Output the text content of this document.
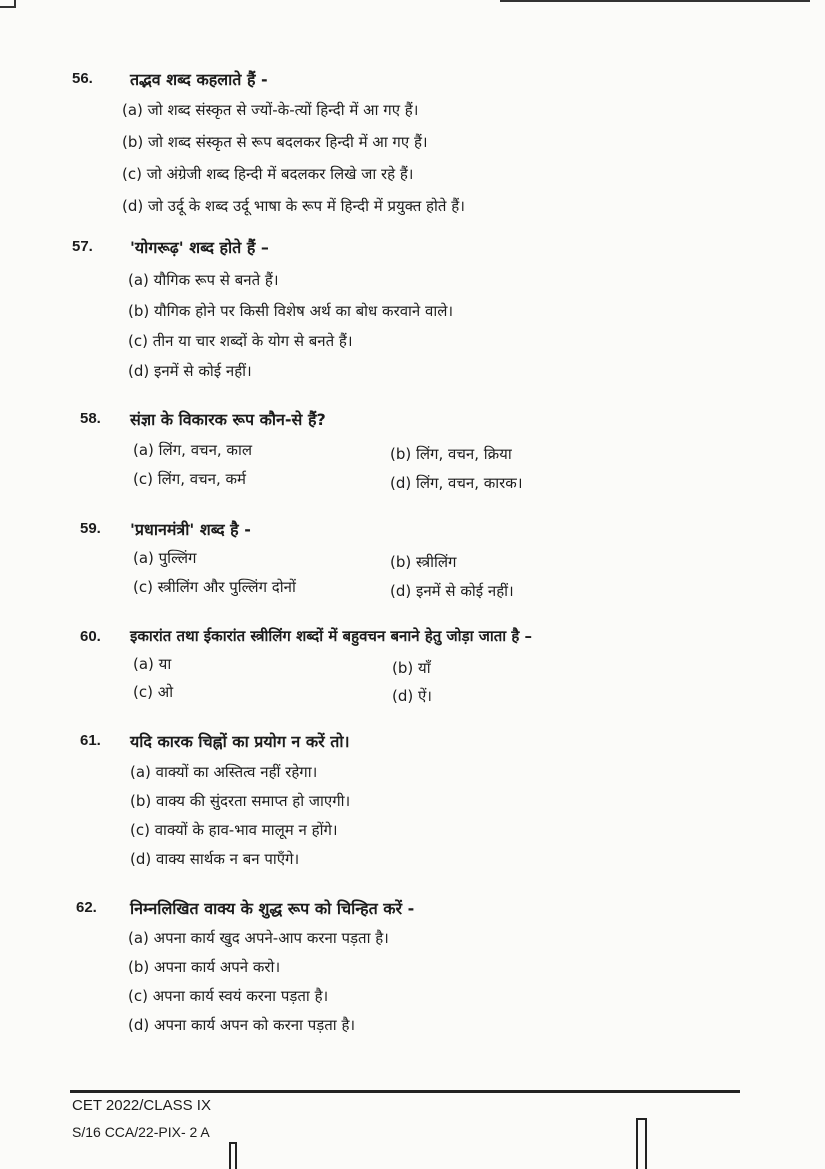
56. तद्भव शब्द कहलाते हैं -
(a) जो शब्द संस्कृत से ज्यों-के-त्यों हिन्दी में आ गए हैं।
(b) जो शब्द संस्कृत से रूप बदलकर हिन्दी में आ गए हैं।
(c) जो अंग्रेजी शब्द हिन्दी में बदलकर लिखे जा रहे हैं।
(d) जो उर्दू के शब्द उर्दू भाषा के रूप में हिन्दी में प्रयुक्त होते हैं।
57. 'योगरूढ़' शब्द होते हैं –
(a) यौगिक रूप से बनते हैं।
(b) यौगिक होने पर किसी विशेष अर्थ का बोध करवाने वाले।
(c) तीन या चार शब्दों के योग से बनते हैं।
(d) इनमें से कोई नहीं।
58. संज्ञा के विकारक रूप कौन-से हैं?
(a) लिंग, वचन, काल	(b) लिंग, वचन, क्रिया
(c) लिंग, वचन, कर्म	(d) लिंग, वचन, कारक।
59. 'प्रधानमंत्री' शब्द है -
(a) पुल्लिंग	(b) स्त्रीलिंग
(c) स्त्रीलिंग और पुल्लिंग दोनों	(d) इनमें से कोई नहीं।
60. इकारांत तथा ईकारांत स्त्रीलिंग शब्दों में बहुवचन बनाने हेतु जोड़ा जाता है –
(a) या	(b) याँ
(c) ओ	(d) ऐं।
61. यदि कारक चिह्नों का प्रयोग न करें तो।
(a) वाक्यों का अस्तित्व नहीं रहेगा।
(b) वाक्य की सुंदरता समाप्त हो जाएगी।
(c) वाक्यों के हाव-भाव मालूम न होंगे।
(d) वाक्य सार्थक न बन पाएँगे।
62. निम्नलिखित वाक्य के शुद्ध रूप को चिन्हित करें -
(a) अपना कार्य खुद अपने-आप करना पड़ता है।
(b) अपना कार्य अपने करो।
(c) अपना कार्य स्वयं करना पड़ता है।
(d) अपना कार्य अपन को करना पड़ता है।
CET 2022/CLASS IX
S/16 CCA/22-PIX- 2 A
